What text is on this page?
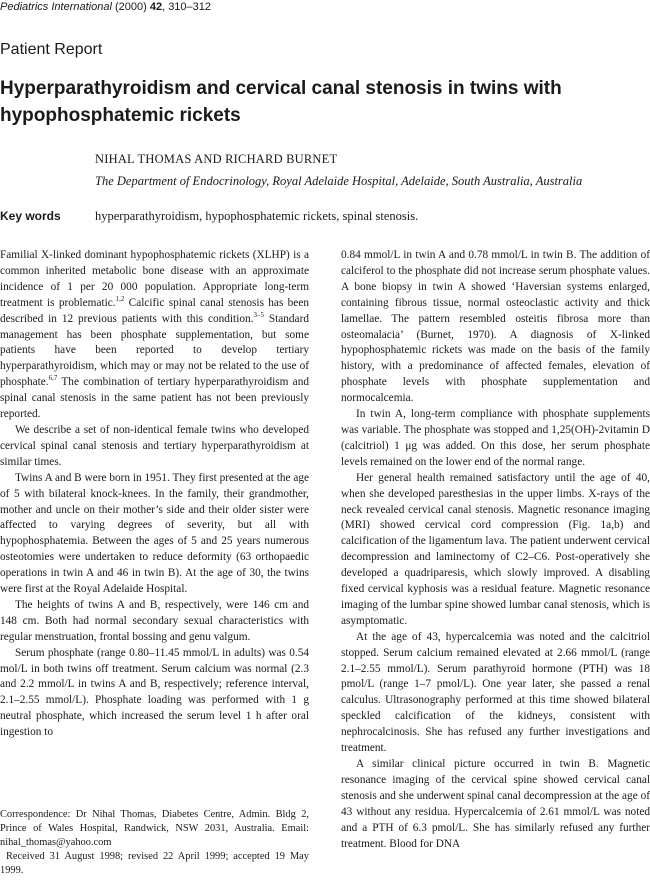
Pediatrics International (2000) 42, 310–312
Patient Report
Hyperparathyroidism and cervical canal stenosis in twins with hypophosphatemic rickets
NIHAL THOMAS AND RICHARD BURNET
The Department of Endocrinology, Royal Adelaide Hospital, Adelaide, South Australia, Australia
Key words	hyperparathyroidism, hypophosphatemic rickets, spinal stenosis.

Familial X-linked dominant hypophosphatemic rickets (XLHP) is a common inherited metabolic bone disease with an approximate incidence of 1 per 20 000 population. Appropriate long-term treatment is problematic.$^{1,2}$ Calcific spinal canal stenosis has been described in 12 previous patients with this condition.$^{3-5}$ Standard management has been phosphate supplementation, but some patients have been reported to develop tertiary hyperparathyroidism, which may or may not be related to the use of phosphate.$^{6,7}$ The combination of tertiary hyperparathyroidism and spinal canal stenosis in the same patient has not been previously reported.

We describe a set of non-identical female twins who developed cervical spinal canal stenosis and tertiary hyperparathyroidism at similar times.

Twins A and B were born in 1951. They first presented at the age of 5 with bilateral knock-knees. In the family, their grandmother, mother and uncle on their mother’s side and their older sister were affected to varying degrees of severity, but all with hypophosphatemia. Between the ages of 5 and 25 years numerous osteotomies were undertaken to reduce deformity (63 orthopaedic operations in twin A and 46 in twin B). At the age of 30, the twins were first at the Royal Adelaide Hospital.

The heights of twins A and B, respectively, were 146 cm and 148 cm. Both had normal secondary sexual characteristics with regular menstruation, frontal bossing and genu valgum.

Serum phosphate (range 0.80–11.45 mmol/L in adults) was 0.54 mol/L in both twins off treatment. Serum calcium was normal (2.3 and 2.2 mmol/L in twins A and B, respectively; reference interval, 2.1–2.55 mmol/L). Phosphate loading was performed with 1 g neutral phosphate, which increased the serum level 1 h after oral ingestion to

Correspondence: Dr Nihal Thomas, Diabetes Centre, Admin. Bldg 2, Prince of Wales Hospital, Randwick, NSW 2031, Australia. Email: nihal_thomas@yahoo.com

Received 31 August 1998; revised 22 April 1999; accepted 19 May 1999.

0.84 mmol/L in twin A and 0.78 mmol/L in twin B. The addition of calciferol to the phosphate did not increase serum phosphate values. A bone biopsy in twin A showed ‘Haversian systems enlarged, containing fibrous tissue, normal osteoclastic activity and thick lamellae. The pattern resembled osteitis fibrosa more than osteomalacia’ (Burnet, 1970). A diagnosis of X-linked hypophosphatemic rickets was made on the basis of the family history, with a predominance of affected females, elevation of phosphate levels with phosphate supplementation and normocalcemia.

In twin A, long-term compliance with phosphate supplements was variable. The phosphate was stopped and 1,25(OH)-2vitamin D (calcitriol) 1 μg was added. On this dose, her serum phosphate levels remained on the lower end of the normal range.

Her general health remained satisfactory until the age of 40, when she developed paresthesias in the upper limbs. X-rays of the neck revealed cervical canal stenosis. Magnetic resonance imaging (MRI) showed cervical cord compression (Fig. 1a,b) and calcification of the ligamentum lava. The patient underwent cervical decompression and laminectomy of C2–C6. Post-operatively she developed a quadriparesis, which slowly improved. A disabling fixed cervical kyphosis was a residual feature. Magnetic resonance imaging of the lumbar spine showed lumbar canal stenosis, which is asymptomatic.

At the age of 43, hypercalcemia was noted and the calcitriol stopped. Serum calcium remained elevated at 2.66 mmol/L (range 2.1–2.55 mmol/L). Serum parathyroid hormone (PTH) was 18 pmol/L (range 1–7 pmol/L). One year later, she passed a renal calculus. Ultrasonography performed at this time showed bilateral speckled calcification of the kidneys, consistent with nephrocalcinosis. She has refused any further investigations and treatment.

A similar clinical picture occurred in twin B. Magnetic resonance imaging of the cervical spine showed cervical canal stenosis and she underwent spinal canal decompression at the age of 43 without any residua. Hypercalcemia of 2.61 mmol/L was noted and a PTH of 6.3 pmol/L. She has similarly refused any further treatment. Blood for DNA
